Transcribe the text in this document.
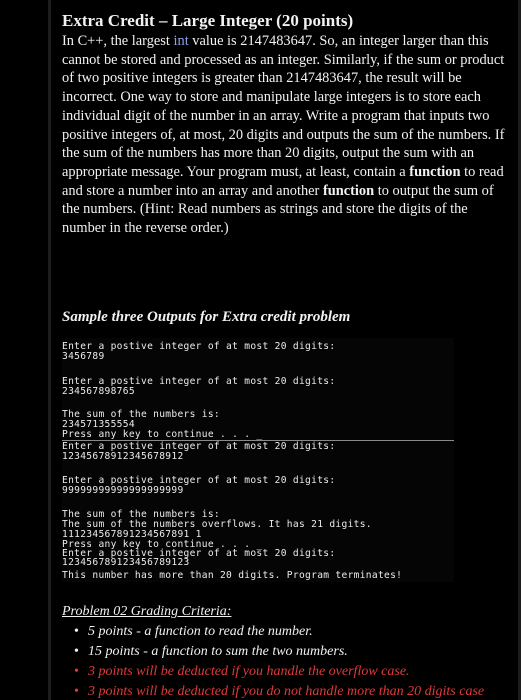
Extra Credit – Large Integer (20 points)

In C++, the largest int value is 2147483647. So, an integer larger than this cannot be stored and processed as an integer. Similarly, if the sum or product of two positive integers is greater than 2147483647, the result will be incorrect. One way to store and manipulate large integers is to store each individual digit of the number in an array. Write a program that inputs two positive integers of, at most, 20 digits and outputs the sum of the numbers. If the sum of the numbers has more than 20 digits, output the sum with an appropriate message. Your program must, at least, contain a function to read and store a number into an array and another function to output the sum of the numbers. (Hint: Read numbers as strings and store the digits of the number in the reverse order.)

Sample three Outputs for Extra credit problem
Enter a postive integer of at most 20 digits:
3456789
Enter a postive integer of at most 20 digits:
234567898765
The sum of the numbers is:
234571355554
Press any key to continue . . . _
Enter a postive integer of at most 20 digits:
12345678912345678912
Enter a postive integer of at most 20 digits:
99999999999999999999
The sum of the numbers is:
The sum of the numbers overflows. It has 21 digits.
111234567891234567891 1
Press any key to continue . . . _
Enter a postive integer of at most 20 digits:
123456789123456789123
This number has more than 20 digits. Program terminates!
Problem 02 Grading Criteria:
• 5 points - a function to read the number.
• 15 points - a function to sum the two numbers.
• 3 points will be deducted if you handle the overflow case.
• 3 points will be deducted if you do not handle more than 20 digits case
